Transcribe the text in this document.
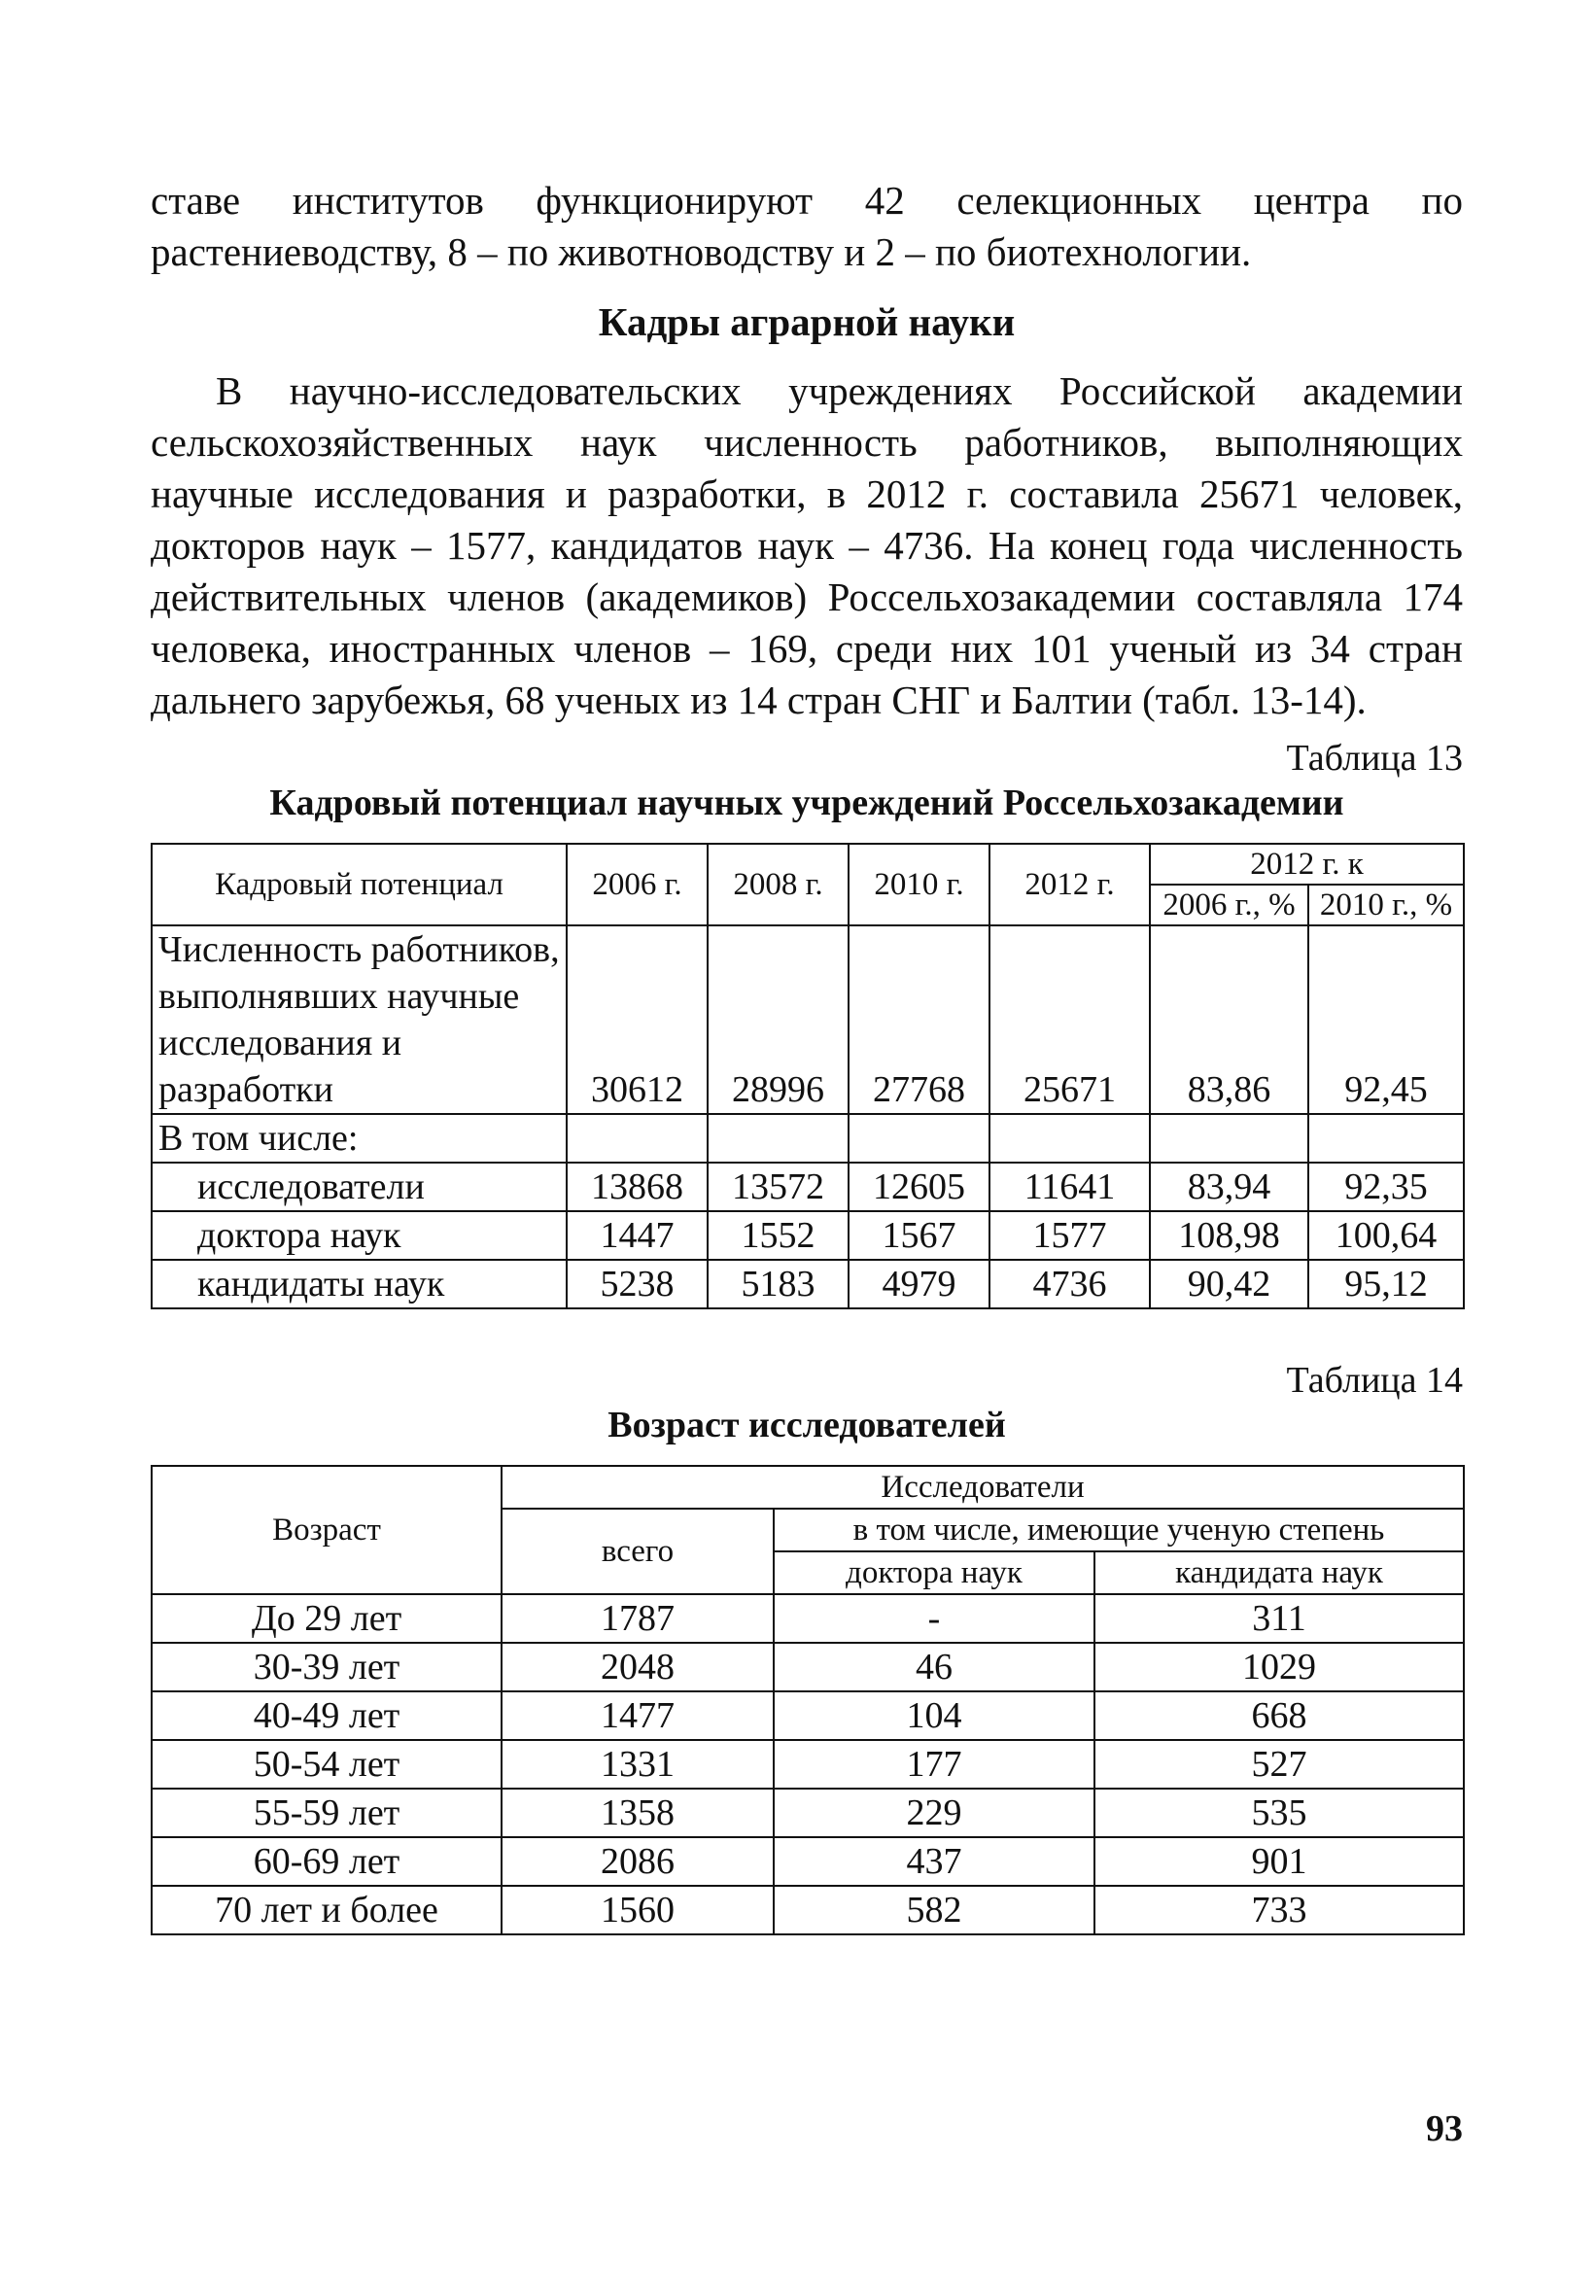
ставе институтов функционируют 42 селекционных центра по растениеводству, 8 – по животноводству и 2 – по биотехнологии.

Кадры аграрной науки

В научно-исследовательских учреждениях Российской академии сельскохозяйственных наук численность работников, выполняющих научные исследования и разработки, в 2012 г. составила 25671 человек, докторов наук – 1577, кандидатов наук – 4736. На конец года численность действительных членов (академиков) Россельхозакадемии составляла 174 человека, иностранных членов – 169, среди них 101 ученый из 34 стран дальнего зарубежья, 68 ученых из 14 стран СНГ и Балтии (табл. 13-14).

Таблица 13
Кадровый потенциал научных учреждений Россельхозакадемии
Кадровый потенциал	2006 г.	2008 г.	2010 г.	2012 г.	2012 г. к	
					2006 г., %	2010 г., %
Численность работников, выполнявших научные исследования и разработки	30612	28996	27768	25671	83,86	92,45
В том числе:						
исследователи	13868	13572	12605	11641	83,94	92,35
доктора наук	1447	1552	1567	1577	108,98	100,64
кандидаты наук	5238	5183	4979	4736	90,42	95,12
Таблица 14
Возраст исследователей
Возраст	Исследователи		
	всего	в том числе, имеющие ученую степень	
		доктора наук	кандидата наук
До 29 лет	1787	-	311
30-39 лет	2048	46	1029
40-49 лет	1477	104	668
50-54 лет	1331	177	527
55-59 лет	1358	229	535
60-69 лет	2086	437	901
70 лет и более	1560	582	733
93
